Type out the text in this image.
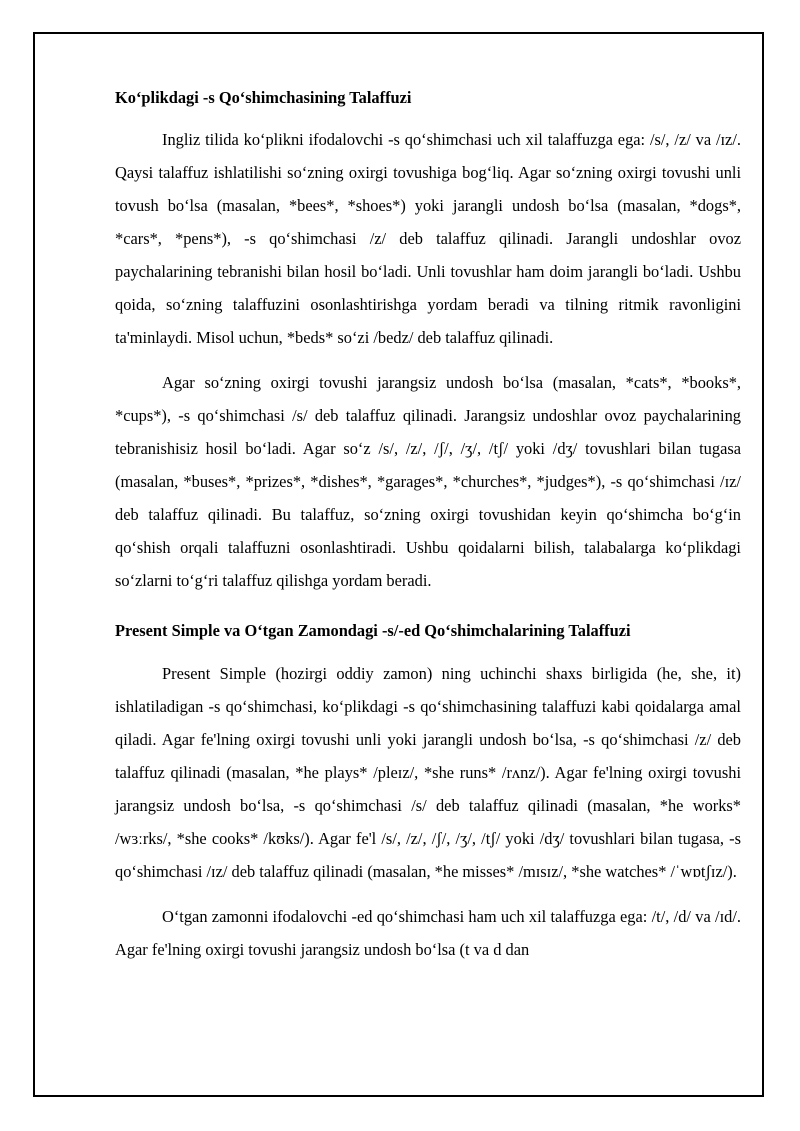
Ko‘plikdagi -s Qo‘shimchasining Talaffuzi

Ingliz tilida ko‘plikni ifodalovchi -s qo‘shimchasi uch xil talaffuzga ega: /s/, /z/ va /ɪz/. Qaysi talaffuz ishlatilishi so‘zning oxirgi tovushiga bog‘liq. Agar so‘zning oxirgi tovushi unli tovush bo‘lsa (masalan, *bees*, *shoes*) yoki jarangli undosh bo‘lsa (masalan, *dogs*, *cars*, *pens*), -s qo‘shimchasi /z/ deb talaffuz qilinadi. Jarangli undoshlar ovoz paychalarining tebranishi bilan hosil bo‘ladi. Unli tovushlar ham doim jarangli bo‘ladi. Ushbu qoida, so‘zning talaffuzini osonlashtirishga yordam beradi va tilning ritmik ravonligini ta'minlaydi. Misol uchun, *beds* so‘zi /bedz/ deb talaffuz qilinadi.

Agar so‘zning oxirgi tovushi jarangsiz undosh bo‘lsa (masalan, *cats*, *books*, *cups*), -s qo‘shimchasi /s/ deb talaffuz qilinadi. Jarangsiz undoshlar ovoz paychalarining tebranishisiz hosil bo‘ladi. Agar so‘z /s/, /z/, /ʃ/, /ʒ/, /tʃ/ yoki /dʒ/ tovushlari bilan tugasa (masalan, *buses*, *prizes*, *dishes*, *garages*, *churches*, *judges*), -s qo‘shimchasi /ɪz/ deb talaffuz qilinadi. Bu talaffuz, so‘zning oxirgi tovushidan keyin qo‘shimcha bo‘g‘in qo‘shish orqali talaffuzni osonlashtiradi. Ushbu qoidalarni bilish, talabalarga ko‘plikdagi so‘zlarni to‘g‘ri talaffuz qilishga yordam beradi.

Present Simple va O‘tgan Zamondagi -s/-ed Qo‘shimchalarining Talaffuzi

Present Simple (hozirgi oddiy zamon) ning uchinchi shaxs birligida (he, she, it) ishlatiladigan -s qo‘shimchasi, ko‘plikdagi -s qo‘shimchasining talaffuzi kabi qoidalarga amal qiladi. Agar fe'lning oxirgi tovushi unli yoki jarangli undosh bo‘lsa, -s qo‘shimchasi /z/ deb talaffuz qilinadi (masalan, *he plays* /pleɪz/, *she runs* /rʌnz/). Agar fe'lning oxirgi tovushi jarangsiz undosh bo‘lsa, -s qo‘shimchasi /s/ deb talaffuz qilinadi (masalan, *he works* /wɜːrks/, *she cooks* /kʊks/). Agar fe'l /s/, /z/, /ʃ/, /ʒ/, /tʃ/ yoki /dʒ/ tovushlari bilan tugasa, -s qo‘shimchasi /ɪz/ deb talaffuz qilinadi (masalan, *he misses* /mɪsɪz/, *she watches* /ˈwɒtʃɪz/).

O‘tgan zamonni ifodalovchi -ed qo‘shimchasi ham uch xil talaffuzga ega: /t/, /d/ va /ɪd/. Agar fe'lning oxirgi tovushi jarangsiz undosh bo‘lsa (t va d dan
